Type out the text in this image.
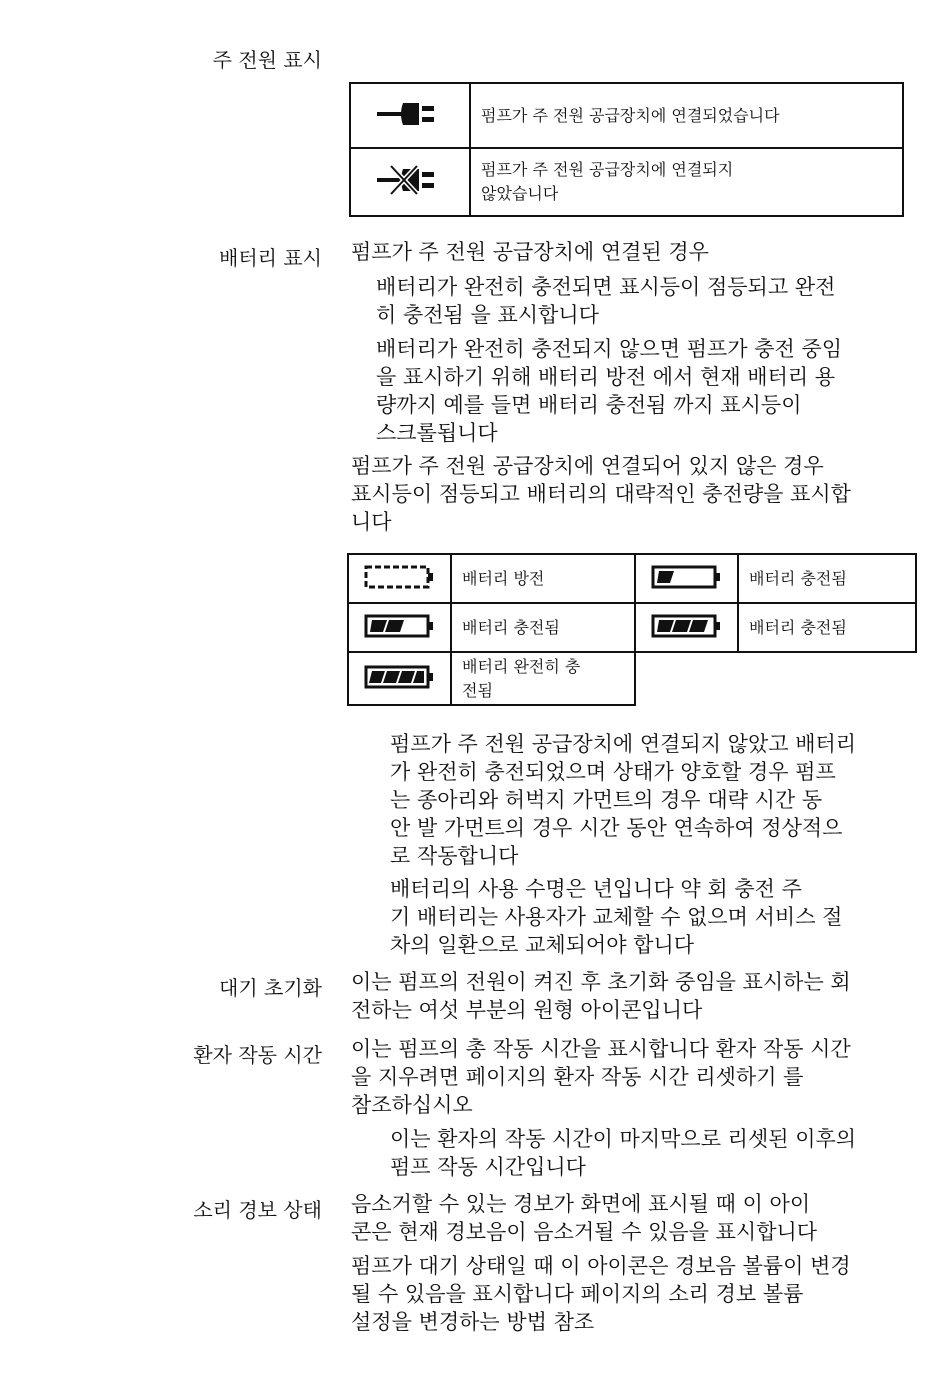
주 전원 표시
	펌프가 주 전원 공급장치에 연결되었습니다

펌프가 주 전원 공급장치에 연결되지
않았습니다
배터리 표시 펌프가 주 전원 공급장치에 연결된 경우
배터리가 완전히 충전되면 표시등이 점등되고 완전
히 충전됨 을 표시합니다
배터리가 완전히 충전되지 않으면 펌프가 충전 중임
을 표시하기 위해 배터리 방전 에서 현재 배터리 용
량까지 예를 들면 배터리 충전됨 까지 표시등이
스크롤됩니다
펌프가 주 전원 공급장치에 연결되어 있지 않은 경우
표시등이 점등되고 배터리의 대략적인 충전량을 표시합
니다
	배터리 방전		배터리 충전됨
	배터리 충전됨		배터리 충전됨

배터리 완전히 충
전됨		

펌프가 주 전원 공급장치에 연결되지 않았고 배터리
가 완전히 충전되었으며 상태가 양호할 경우 펌프
는 종아리와 허벅지 가먼트의 경우 대략 시간 동
안 발 가먼트의 경우 시간 동안 연속하여 정상적으
로 작동합니다
배터리의 사용 수명은 년입니다 약 회 충전 주
기 배터리는 사용자가 교체할 수 없으며 서비스 절
차의 일환으로 교체되어야 합니다
대기 초기화 이는 펌프의 전원이 켜진 후 초기화 중임을 표시하는 회
전하는 여섯 부분의 원형 아이콘입니다
환자 작동 시간 이는 펌프의 총 작동 시간을 표시합니다 환자 작동 시간
을 지우려면 페이지의 환자 작동 시간 리셋하기 를
참조하십시오
이는 환자의 작동 시간이 마지막으로 리셋된 이후의
펌프 작동 시간입니다
소리 경보 상태 음소거할 수 있는 경보가 화면에 표시될 때 이 아이
콘은 현재 경보음이 음소거될 수 있음을 표시합니다
펌프가 대기 상태일 때 이 아이콘은 경보음 볼륨이 변경
될 수 있음을 표시합니다 페이지의 소리 경보 볼륨
설정을 변경하는 방법 참조
